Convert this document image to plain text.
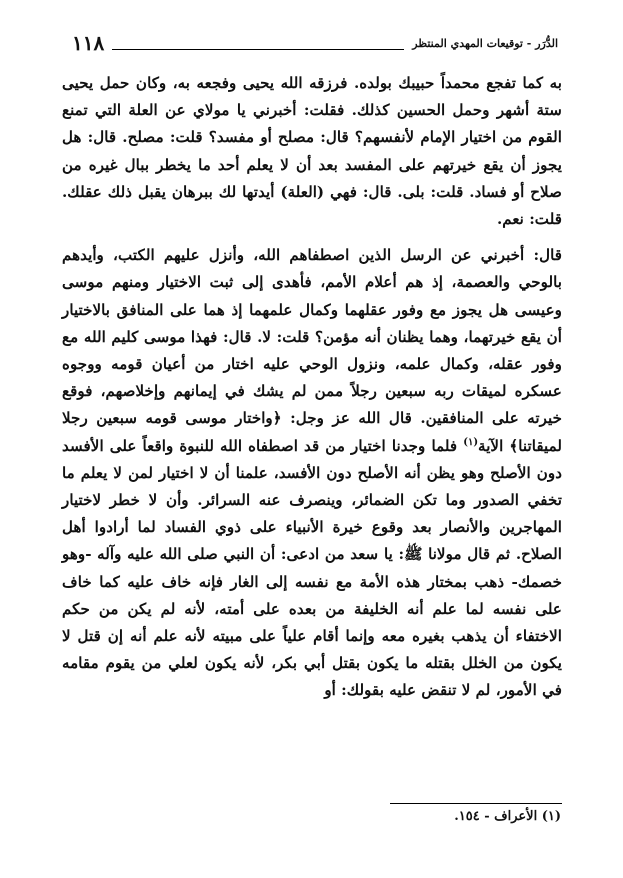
١١٨	الدُّرَر - توقيعات المهدي المنتظر

به كما تفجع محمداً حبيبك بولده. فرزقه الله يحيى وفجعه به، وكان حمل يحيى ستة أشهر وحمل الحسين كذلك. فقلت: أخبرني يا مولاي عن العلة التي تمنع القوم من اختيار الإمام لأنفسهم؟ قال: مصلح أو مفسد؟ قلت: مصلح. قال: هل يجوز أن يقع خيرتهم على المفسد بعد أن لا يعلم أحد ما يخطر ببال غيره من صلاح أو فساد. قلت: بلى. قال: فهي (العلة) أيدتها لك ببرهان يقبل ذلك عقلك. قلت: نعم.

قال: أخبرني عن الرسل الذين اصطفاهم الله، وأنزل عليهم الكتب، وأيدهم بالوحي والعصمة، إذ هم أعلام الأمم، فأهدى إلى ثبت الاختيار ومنهم موسى وعيسى هل يجوز مع وفور عقلهما وكمال علمهما إذ هما على المنافق بالاختيار أن يقع خيرتهما، وهما يظنان أنه مؤمن؟ قلت: لا. قال: فهذا موسى كليم الله مع وفور عقله، وكمال علمه، ونزول الوحي عليه اختار من أعيان قومه ووجوه عسكره لميقات ربه سبعين رجلاً ممن لم يشك في إيمانهم وإخلاصهم، فوقع خيرته على المنافقين. قال الله عز وجل: ﴿واختار موسى قومه سبعين رجلا لميقاتنا﴾ الآية$^{(١)}$ فلما وجدنا اختيار من قد اصطفاه الله للنبوة واقعاً على الأفسد دون الأصلح وهو يظن أنه الأصلح دون الأفسد، علمنا أن لا اختيار لمن لا يعلم ما تخفي الصدور وما تكن الضمائر، وينصرف عنه السرائر. وأن لا خطر لاختيار المهاجرين والأنصار بعد وقوع خيرة الأنبياء على ذوي الفساد لما أرادوا أهل الصلاح. ثم قال مولانا ﷺ: يا سعد من ادعى: أن النبي صلى الله عليه وآله -وهو خصمك- ذهب بمختار هذه الأمة مع نفسه إلى الغار فإنه خاف عليه كما خاف على نفسه لما علم أنه الخليفة من بعده على أمته، لأنه لم يكن من حكم الاختفاء أن يذهب بغيره معه وإنما أقام علياً على مبيته لأنه علم أنه إن قتل لا يكون من الخلل بقتله ما يكون بقتل أبي بكر، لأنه يكون لعلي من يقوم مقامه في الأمور، لم لا تنقض عليه بقولك: أو

(١) الأعراف - ١٥٤.
